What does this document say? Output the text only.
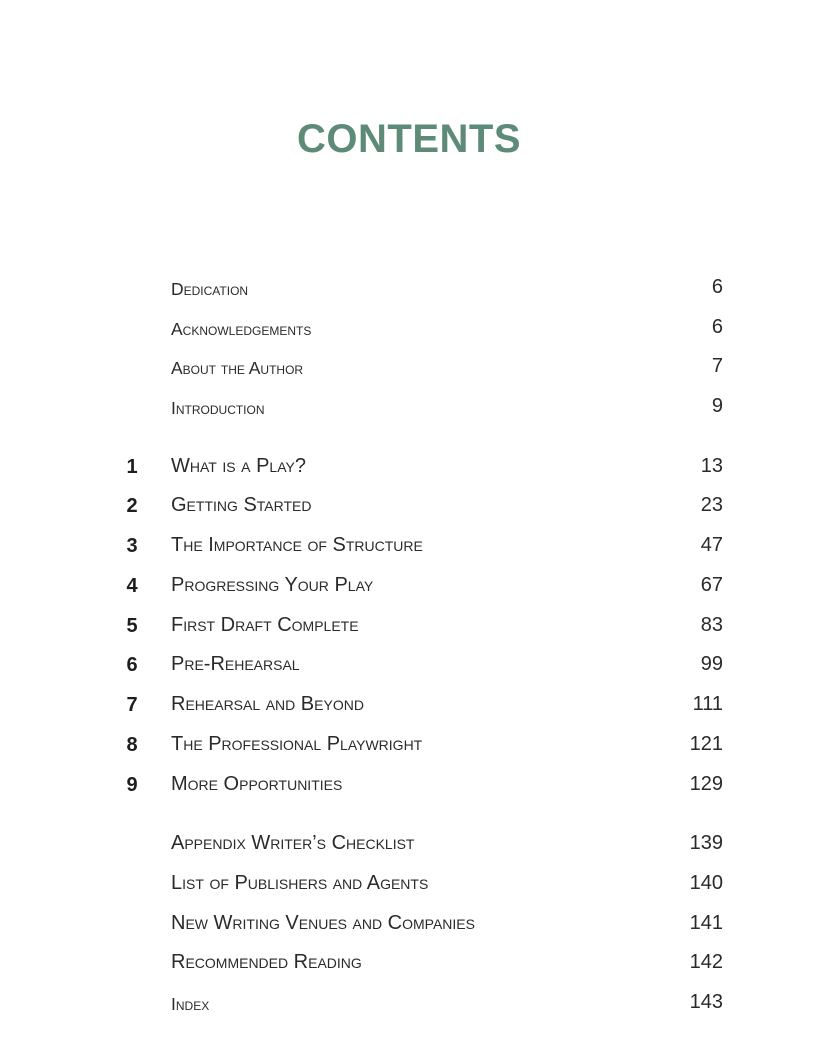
CONTENTS
Dedication	6
Acknowledgements	6
About the Author	7
Introduction	9
1	What is a Play?	13
2	Getting Started	23
3	The Importance of Structure	47
4	Progressing Your Play	67
5	First Draft Complete	83
6	Pre-Rehearsal	99
7	Rehearsal and Beyond	111
8	The Professional Playwright	121
9	More Opportunities	129
Appendix Writer’s Checklist	139
List of Publishers and Agents	140
New Writing Venues and Companies	141
Recommended Reading	142
Index	143
